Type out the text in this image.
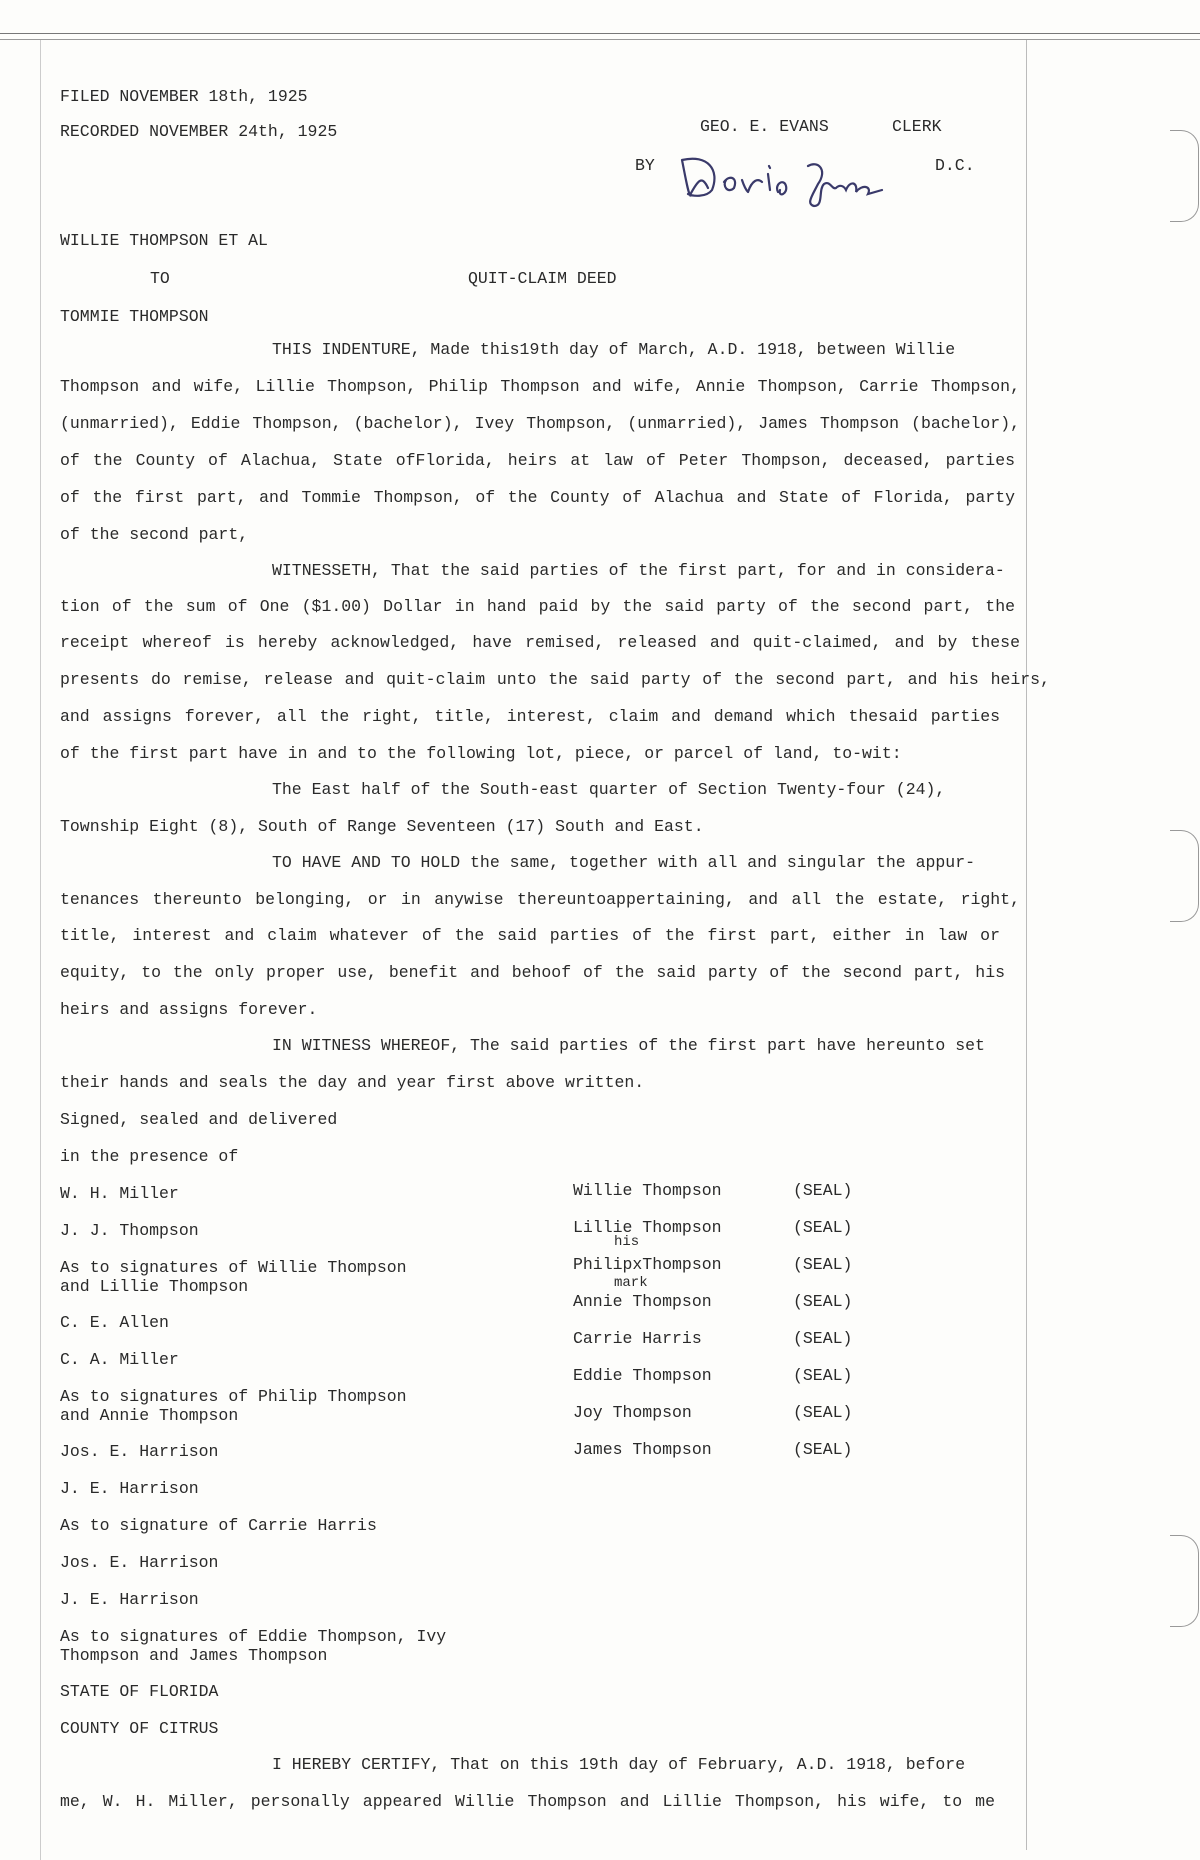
FILED NOVEMBER 18th, 1925
RECORDED NOVEMBER 24th, 1925	GEO. E. EVANS	CLERK
BY	D.C.
WILLIE THOMPSON ET AL
TO	QUIT-CLAIM DEED
TOMMIE THOMPSON
THIS INDENTURE, Made this19th day of March, A.D. 1918, between Willie
Thompson and wife, Lillie Thompson, Philip Thompson and wife, Annie Thompson, Carrie Thompson,
(unmarried), Eddie Thompson, (bachelor), Ivey Thompson, (unmarried), James Thompson (bachelor),
of the County of Alachua, State ofFlorida, heirs at law of Peter Thompson, deceased, parties
of the first part, and Tommie Thompson, of the County of Alachua and State of Florida, party
of the second part,
WITNESSETH, That the said parties of the first part, for and in considera-
tion of the sum of One ($1.00) Dollar in hand paid by the said party of the second part, the
receipt whereof is hereby acknowledged, have remised, released and quit-claimed, and by these
presents do remise, release and quit-claim unto the said party of the second part, and his heirs,
and assigns forever, all the right, title, interest, claim and demand which thesaid parties
of the first part have in and to the following lot, piece, or parcel of land, to-wit:
The East half of the South-east quarter of Section Twenty-four (24),
Township Eight (8), South of Range Seventeen (17) South and East.
TO HAVE AND TO HOLD the same, together with all and singular the appur-
tenances thereunto belonging, or in anywise thereuntoappertaining, and all the estate, right,
title, interest and claim whatever of the said parties of the first part, either in law or
equity, to the only proper use, benefit and behoof of the said party of the second part, his
heirs and assigns forever.
IN WITNESS WHEREOF, The said parties of the first part have hereunto set
their hands and seals the day and year first above written.
Signed, sealed and delivered
in the presence of
W. H. Miller
J. J. Thompson
As to signatures of Willie Thompson
and Lillie Thompson
C. E. Allen
C. A. Miller
As to signatures of Philip Thompson
and Annie Thompson
Jos. E. Harrison
J. E. Harrison
As to signature of Carrie Harris
Jos. E. Harrison
J. E. Harrison
As to signatures of Eddie Thompson, Ivy
Thompson and James Thompson
Willie Thompson	(SEAL)
Lillie Thompson	(SEAL)
his
PhilipxThompson	(SEAL)
mark
Annie Thompson	(SEAL)
Carrie Harris	(SEAL)
Eddie Thompson	(SEAL)
Joy Thompson	(SEAL)
James Thompson	(SEAL)
STATE OF FLORIDA
COUNTY OF CITRUS
I HEREBY CERTIFY, That on this 19th day of February, A.D. 1918, before
me, W. H. Miller, personally appeared Willie Thompson and Lillie Thompson, his wife, to me
